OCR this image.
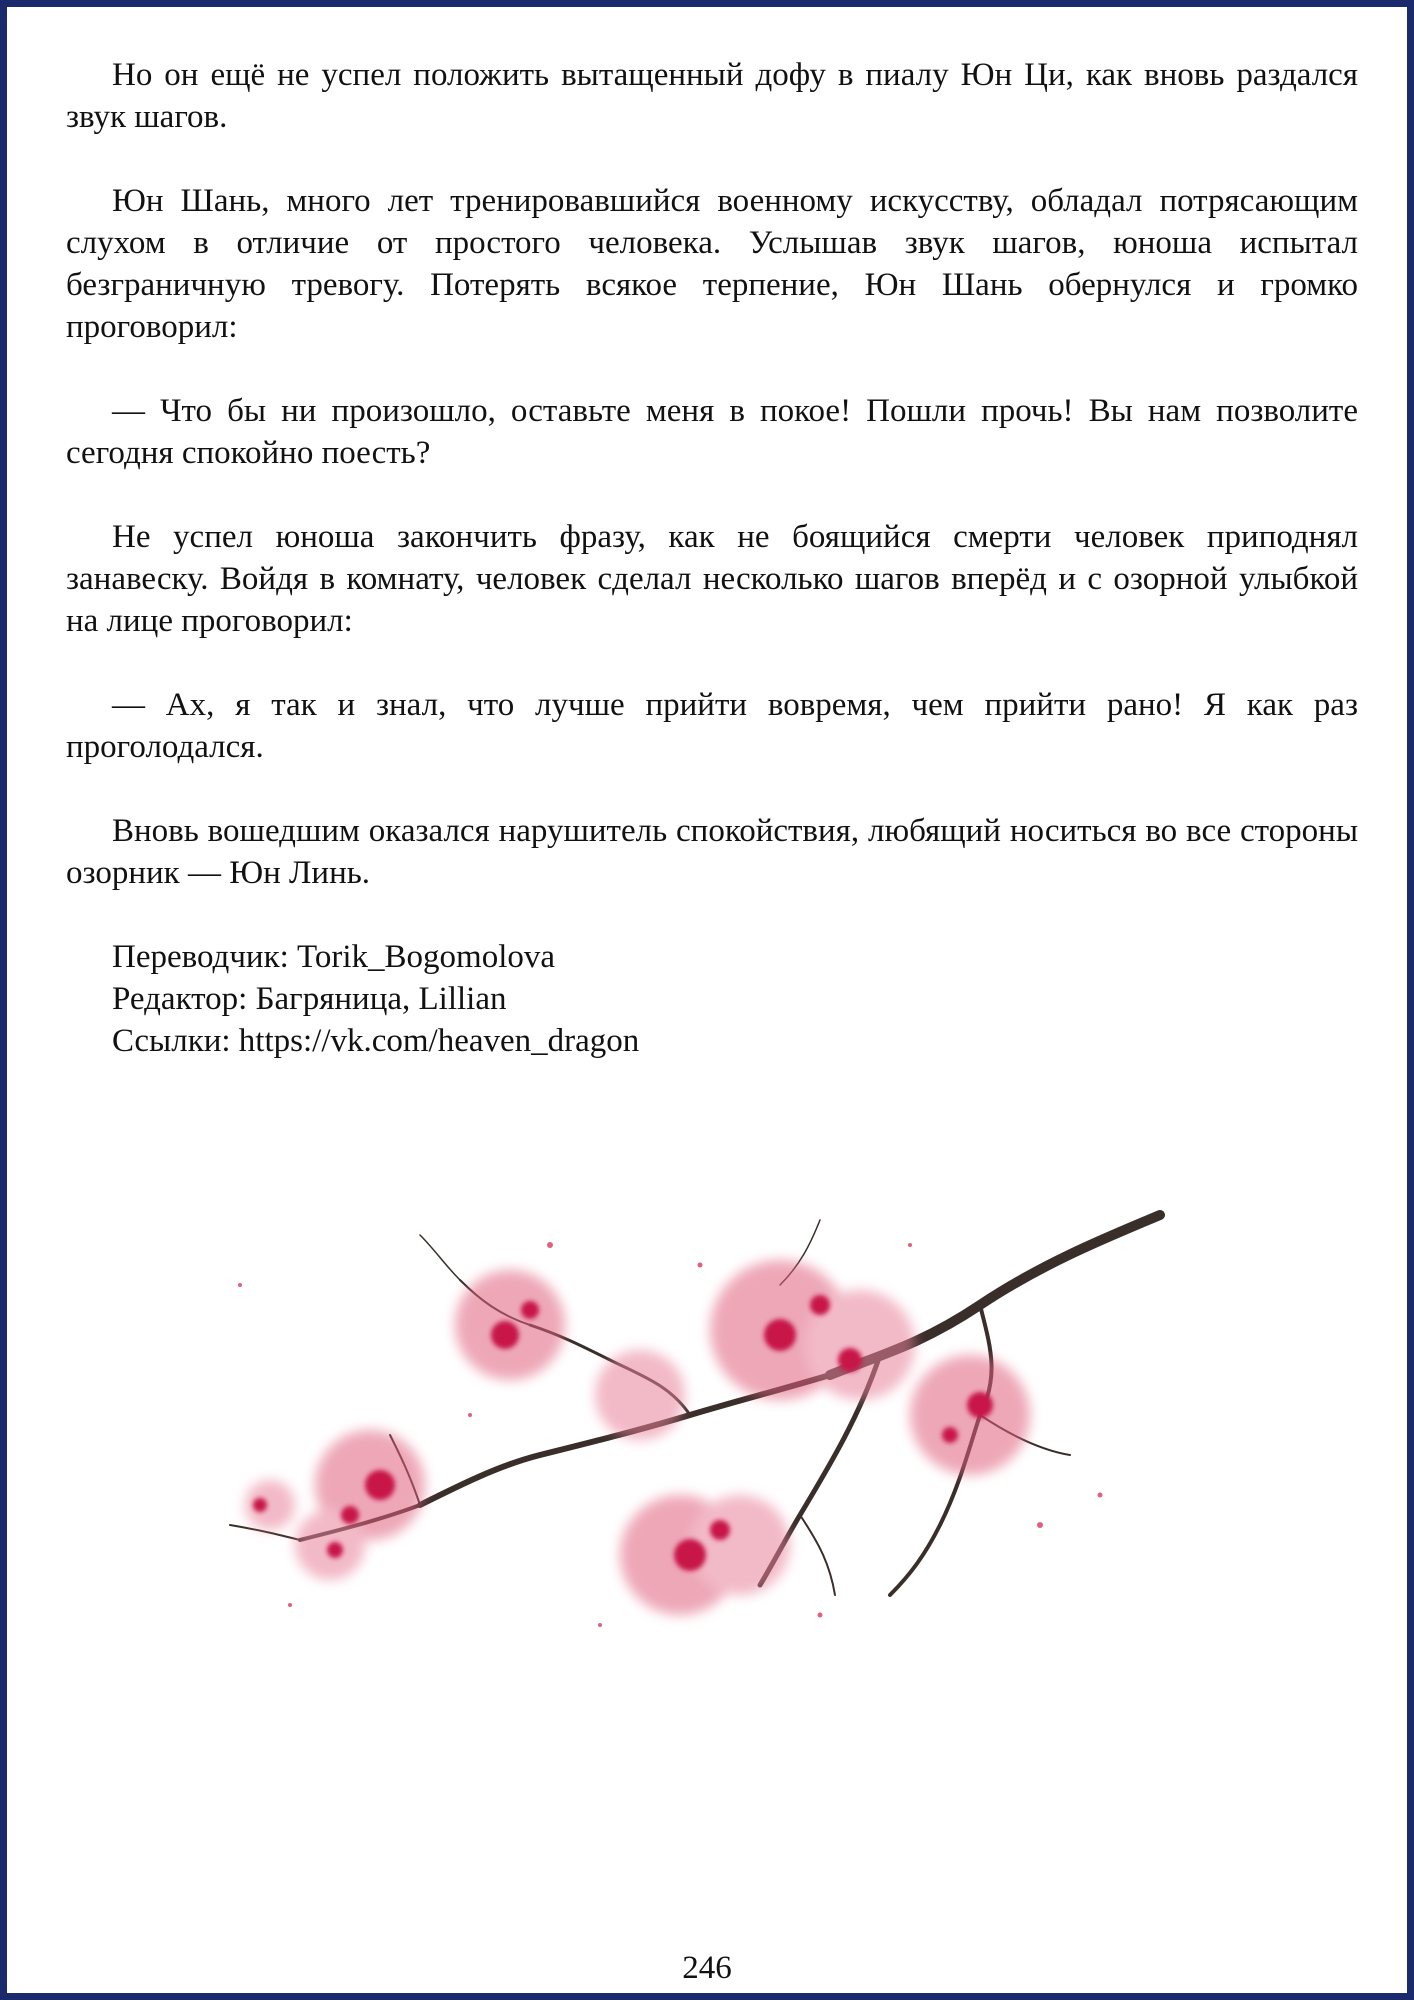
Но он ещё не успел положить вытащенный дофу в пиалу Юн Ци, как вновь раздался звук шагов.

Юн Шань, много лет тренировавшийся военному искусству, обладал потрясающим слухом в отличие от простого человека. Услышав звук шагов, юноша испытал безграничную тревогу. Потерять всякое терпение, Юн Шань обернулся и громко проговорил:

— Что бы ни произошло, оставьте меня в покое! Пошли прочь! Вы нам позволите сегодня спокойно поесть?

Не успел юноша закончить фразу, как не боящийся смерти человек приподнял занавеску. Войдя в комнату, человек сделал несколько шагов вперёд и с озорной улыбкой на лице проговорил:

— Ах, я так и знал, что лучше прийти вовремя, чем прийти рано! Я как раз проголодался.

Вновь вошедшим оказался нарушитель спокойствия, любящий носиться во все стороны озорник — Юн Линь.

Переводчик: Torik_Bogomolova
Редактор: Багряница, Lillian
Ссылки: https://vk.com/heaven_dragon
246
